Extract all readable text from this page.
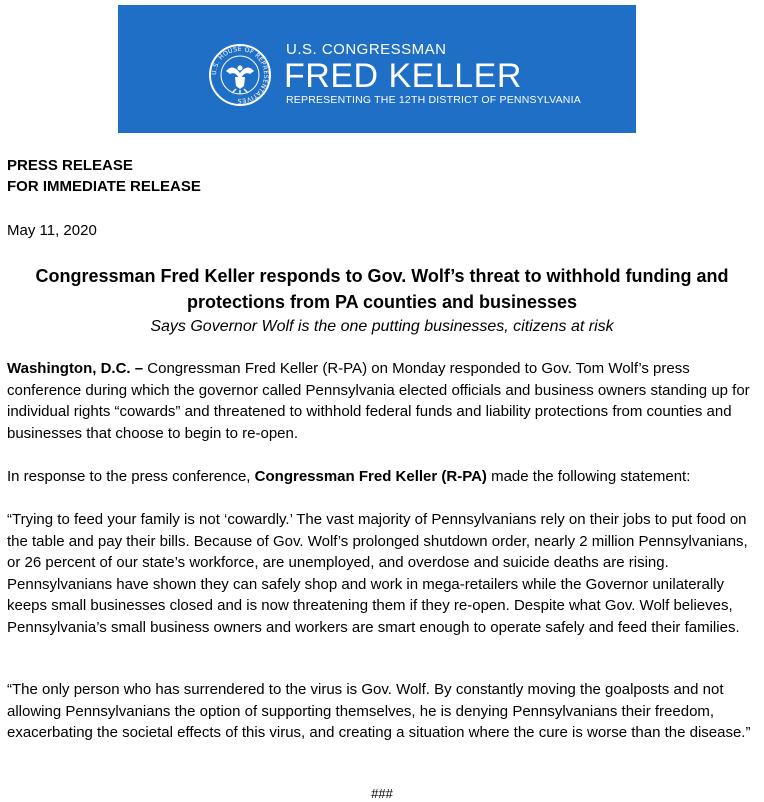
U.S. HOUSE OF REPRESENTATIVES
U.S. CONGRESSMAN
FRED KELLER
REPRESENTING THE 12TH DISTRICT OF PENNSYLVANIA
PRESS RELEASE
FOR IMMEDIATE RELEASE
May 11, 2020
Congressman Fred Keller responds to Gov. Wolf’s threat to withhold funding and protections from PA counties and businesses
Says Governor Wolf is the one putting businesses, citizens at risk
Washington, D.C. – Congressman Fred Keller (R-PA) on Monday responded to Gov. Tom Wolf’s press conference during which the governor called Pennsylvania elected officials and business owners standing up for individual rights “cowards” and threatened to withhold federal funds and liability protections from counties and businesses that choose to begin to re-open.
In response to the press conference, Congressman Fred Keller (R-PA) made the following statement:
“Trying to feed your family is not ‘cowardly.’ The vast majority of Pennsylvanians rely on their jobs to put food on the table and pay their bills. Because of Gov. Wolf’s prolonged shutdown order, nearly 2 million Pennsylvanians, or 26 percent of our state’s workforce, are unemployed, and overdose and suicide deaths are rising. Pennsylvanians have shown they can safely shop and work in mega-retailers while the Governor unilaterally keeps small businesses closed and is now threatening them if they re-open. Despite what Gov. Wolf believes, Pennsylvania’s small business owners and workers are smart enough to operate safely and feed their families.
“The only person who has surrendered to the virus is Gov. Wolf. By constantly moving the goalposts and not allowing Pennsylvanians the option of supporting themselves, he is denying Pennsylvanians their freedom, exacerbating the societal effects of this virus, and creating a situation where the cure is worse than the disease.”
###
